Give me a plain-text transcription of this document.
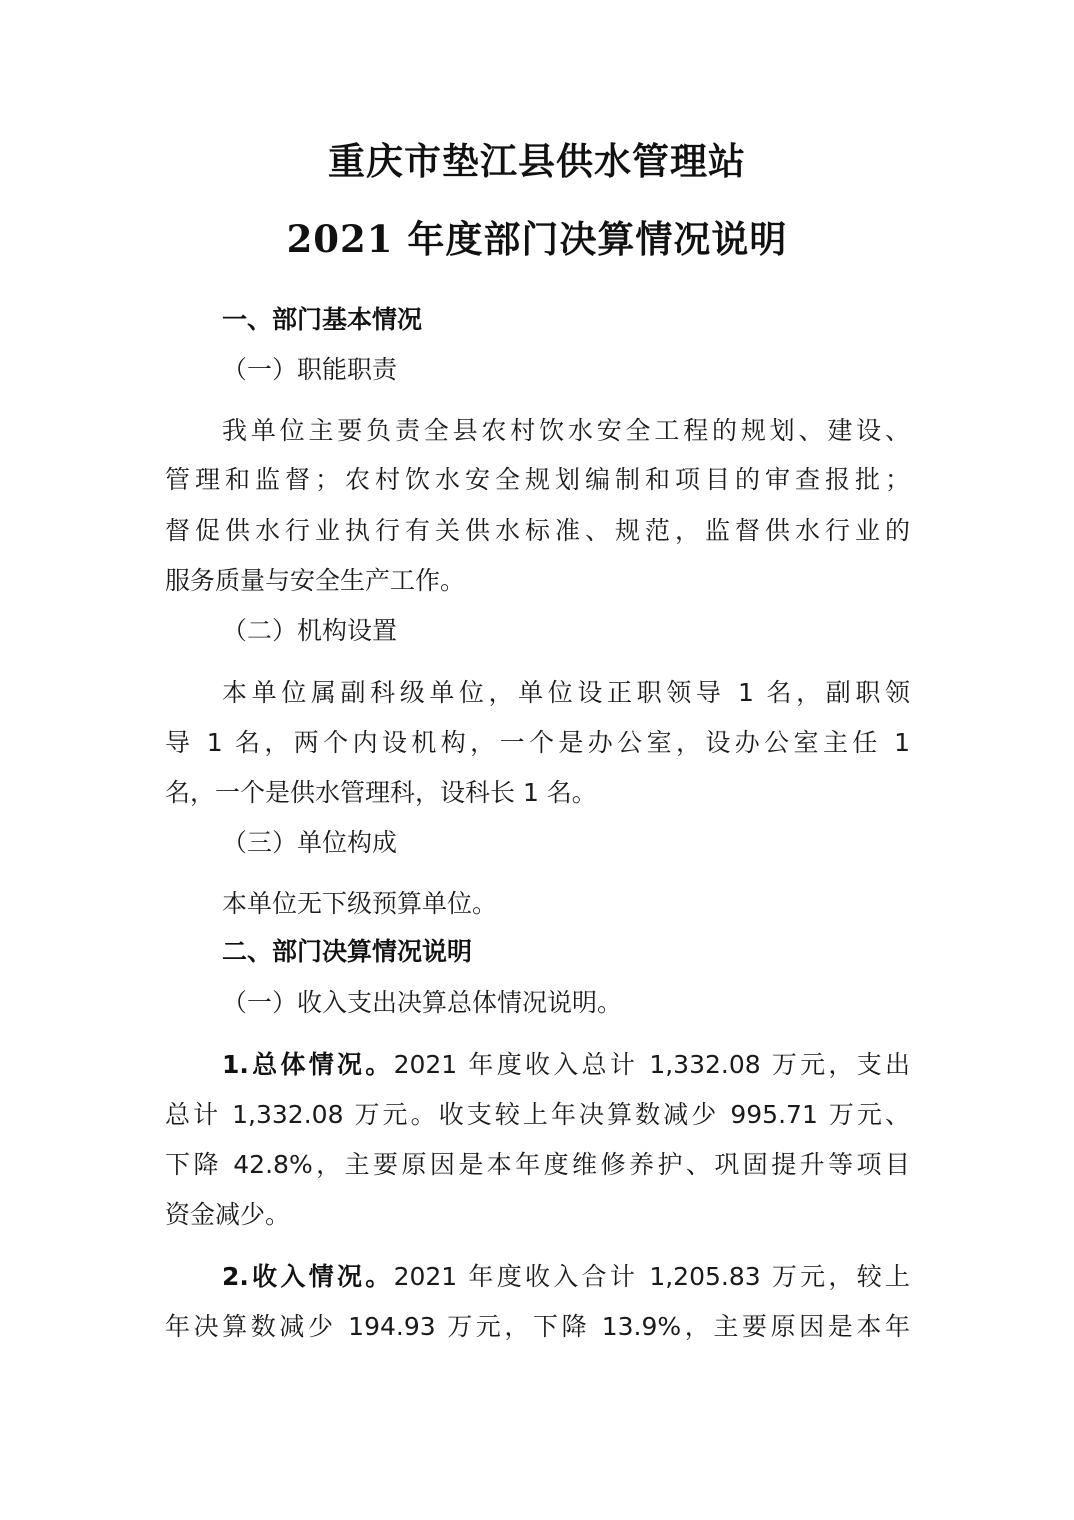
重庆市垫江县供水管理站
2021 年度部门决算情况说明
一、部门基本情况
（一）职能职责
我单位主要负责全县农村饮水安全工程的规划、建设、
管理和监督；农村饮水安全规划编制和项目的审查报批；
督促供水行业执行有关供水标准、规范，监督供水行业的
服务质量与安全生产工作。
（二）机构设置
本单位属副科级单位，单位设正职领导 1 名，副职领
导 1 名，两个内设机构，一个是办公室，设办公室主任 1
名，一个是供水管理科，设科长 1 名。
（三）单位构成
本单位无下级预算单位。
二、部门决算情况说明
（一）收入支出决算总体情况说明。
1.总体情况。2021 年度收入总计 1,332.08 万元，支出
总计 1,332.08 万元。收支较上年决算数减少 995.71 万元、
下降 42.8%，主要原因是本年度维修养护、巩固提升等项目
资金减少。
2.收入情况。2021 年度收入合计 1,205.83 万元，较上
年决算数减少 194.93 万元，下降 13.9%，主要原因是本年
